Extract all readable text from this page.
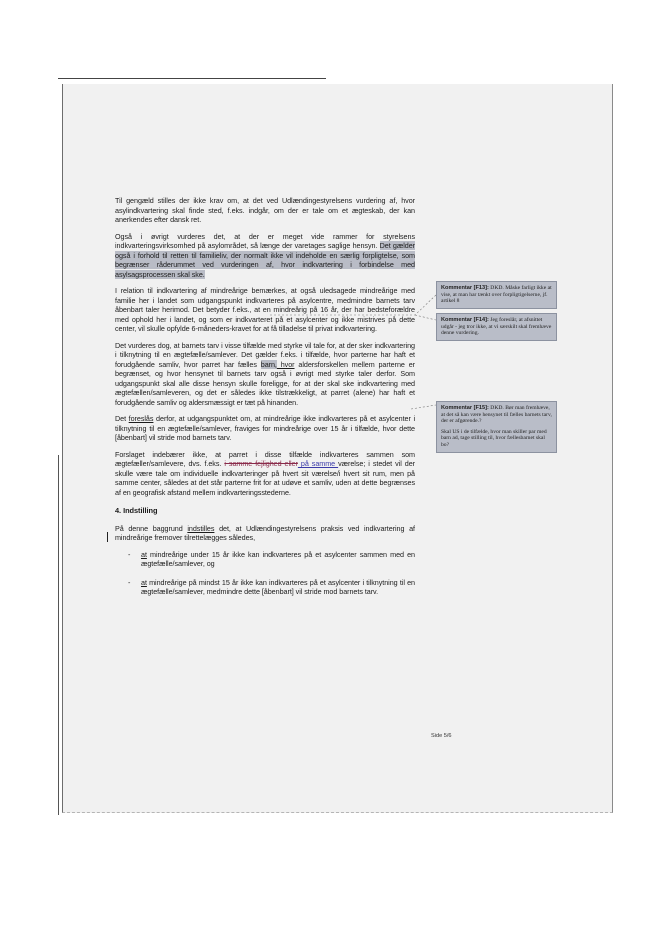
Til gengæld stilles der ikke krav om, at det ved Udlændingestyrelsens vurdering af, hvor asylindkvartering skal finde sted, f.eks. indgår, om der er tale om et ægteskab, der kan anerkendes efter dansk ret.

Også i øvrigt vurderes det, at der er meget vide rammer for styrelsens indkvarteringsvirksomhed på asylområdet, så længe der varetages saglige hensyn. Det gælder også i forhold til retten til familieliv, der normalt ikke vil indeholde en særlig forpligtelse, som begrænser råderummet ved vurderingen af, hvor indkvartering i forbindelse med asylsagsprocessen skal ske.

I relation til indkvartering af mindreårige bemærkes, at også uledsagede mindreårige med familie her i landet som udgangspunkt indkvarteres på asylcentre, medmindre barnets tarv åbenbart taler herimod. Det betyder f.eks., at en mindreårig på 16 år, der har bedsteforældre med ophold her i landet, og som er indkvarteret på et asylcenter og ikke mistrives på dette center, vil skulle opfylde 6-måneders-kravet for at få tilladelse til privat indkvartering.

Det vurderes dog, at barnets tarv i visse tilfælde med styrke vil tale for, at der sker indkvartering i tilknytning til en ægtefælle/samlever. Det gælder f.eks. i tilfælde, hvor parterne har haft et forudgående samliv, hvor parret har fælles barn, hvor aldersforskellen mellem parterne er begrænset, og hvor hensynet til barnets tarv også i øvrigt med styrke taler derfor. Som udgangspunkt skal alle disse hensyn skulle foreligge, for at der skal ske indkvartering med ægtefællen/samleveren, og det er således ikke tilstrækkeligt, at parret (alene) har haft et forudgående samliv og aldersmæssigt er tæt på hinanden.

Det foreslås derfor, at udgangspunktet om, at mindreårige ikke indkvarteres på et asylcenter i tilknytning til en ægtefælle/samlever, fraviges for mindreårige over 15 år i tilfælde, hvor dette [åbenbart] vil stride mod barnets tarv.

Forslaget indebærer ikke, at parret i disse tilfælde indkvarteres sammen som ægtefæller/samlevere, dvs. f.eks. i samme fejlighed eller på samme værelse; i stedet vil der skulle være tale om individuelle indkvarteringer på hvert sit værelse/i hvert sit rum, men på samme center, således at det står parterne frit for at udøve et samliv, uden at dette begrænses af en geografisk afstand mellem indkvarteringsstederne.

4. Indstilling

På denne baggrund indstilles det, at Udlændingestyrelsens praksis ved indkvartering af mindreårige fremover tilrettelægges således,

- at mindreårige under 15 år ikke kan indkvarteres på et asylcenter sammen med en ægtefælle/samlever, og
- at mindreårige på mindst 15 år ikke kan indkvarteres på et asylcenter i tilknytning til en ægtefælle/samlever, medmindre dette [åbenbart] vil stride mod barnets tarv.

Kommentar [F13]: DKD. Måske farligt ikke at vise, at man har tænkt over forpligtigelserne, jf. artikel 8

Kommentar [F14]: Jeg foreslår, at afsnittet udgår - jeg tror ikke, at vi særskilt skal fremhæve denne vurdering.

Kommentar [F15]: DKD. Bør man fremhæve, at det så kan være hensynet til fælles barnets tarv, der er afgørende.?

Skal US i de tilfælde, hvor man skiller par med barn ad, tage stilling til, hvor fællesbarnet skal bo?

Side 5/6
